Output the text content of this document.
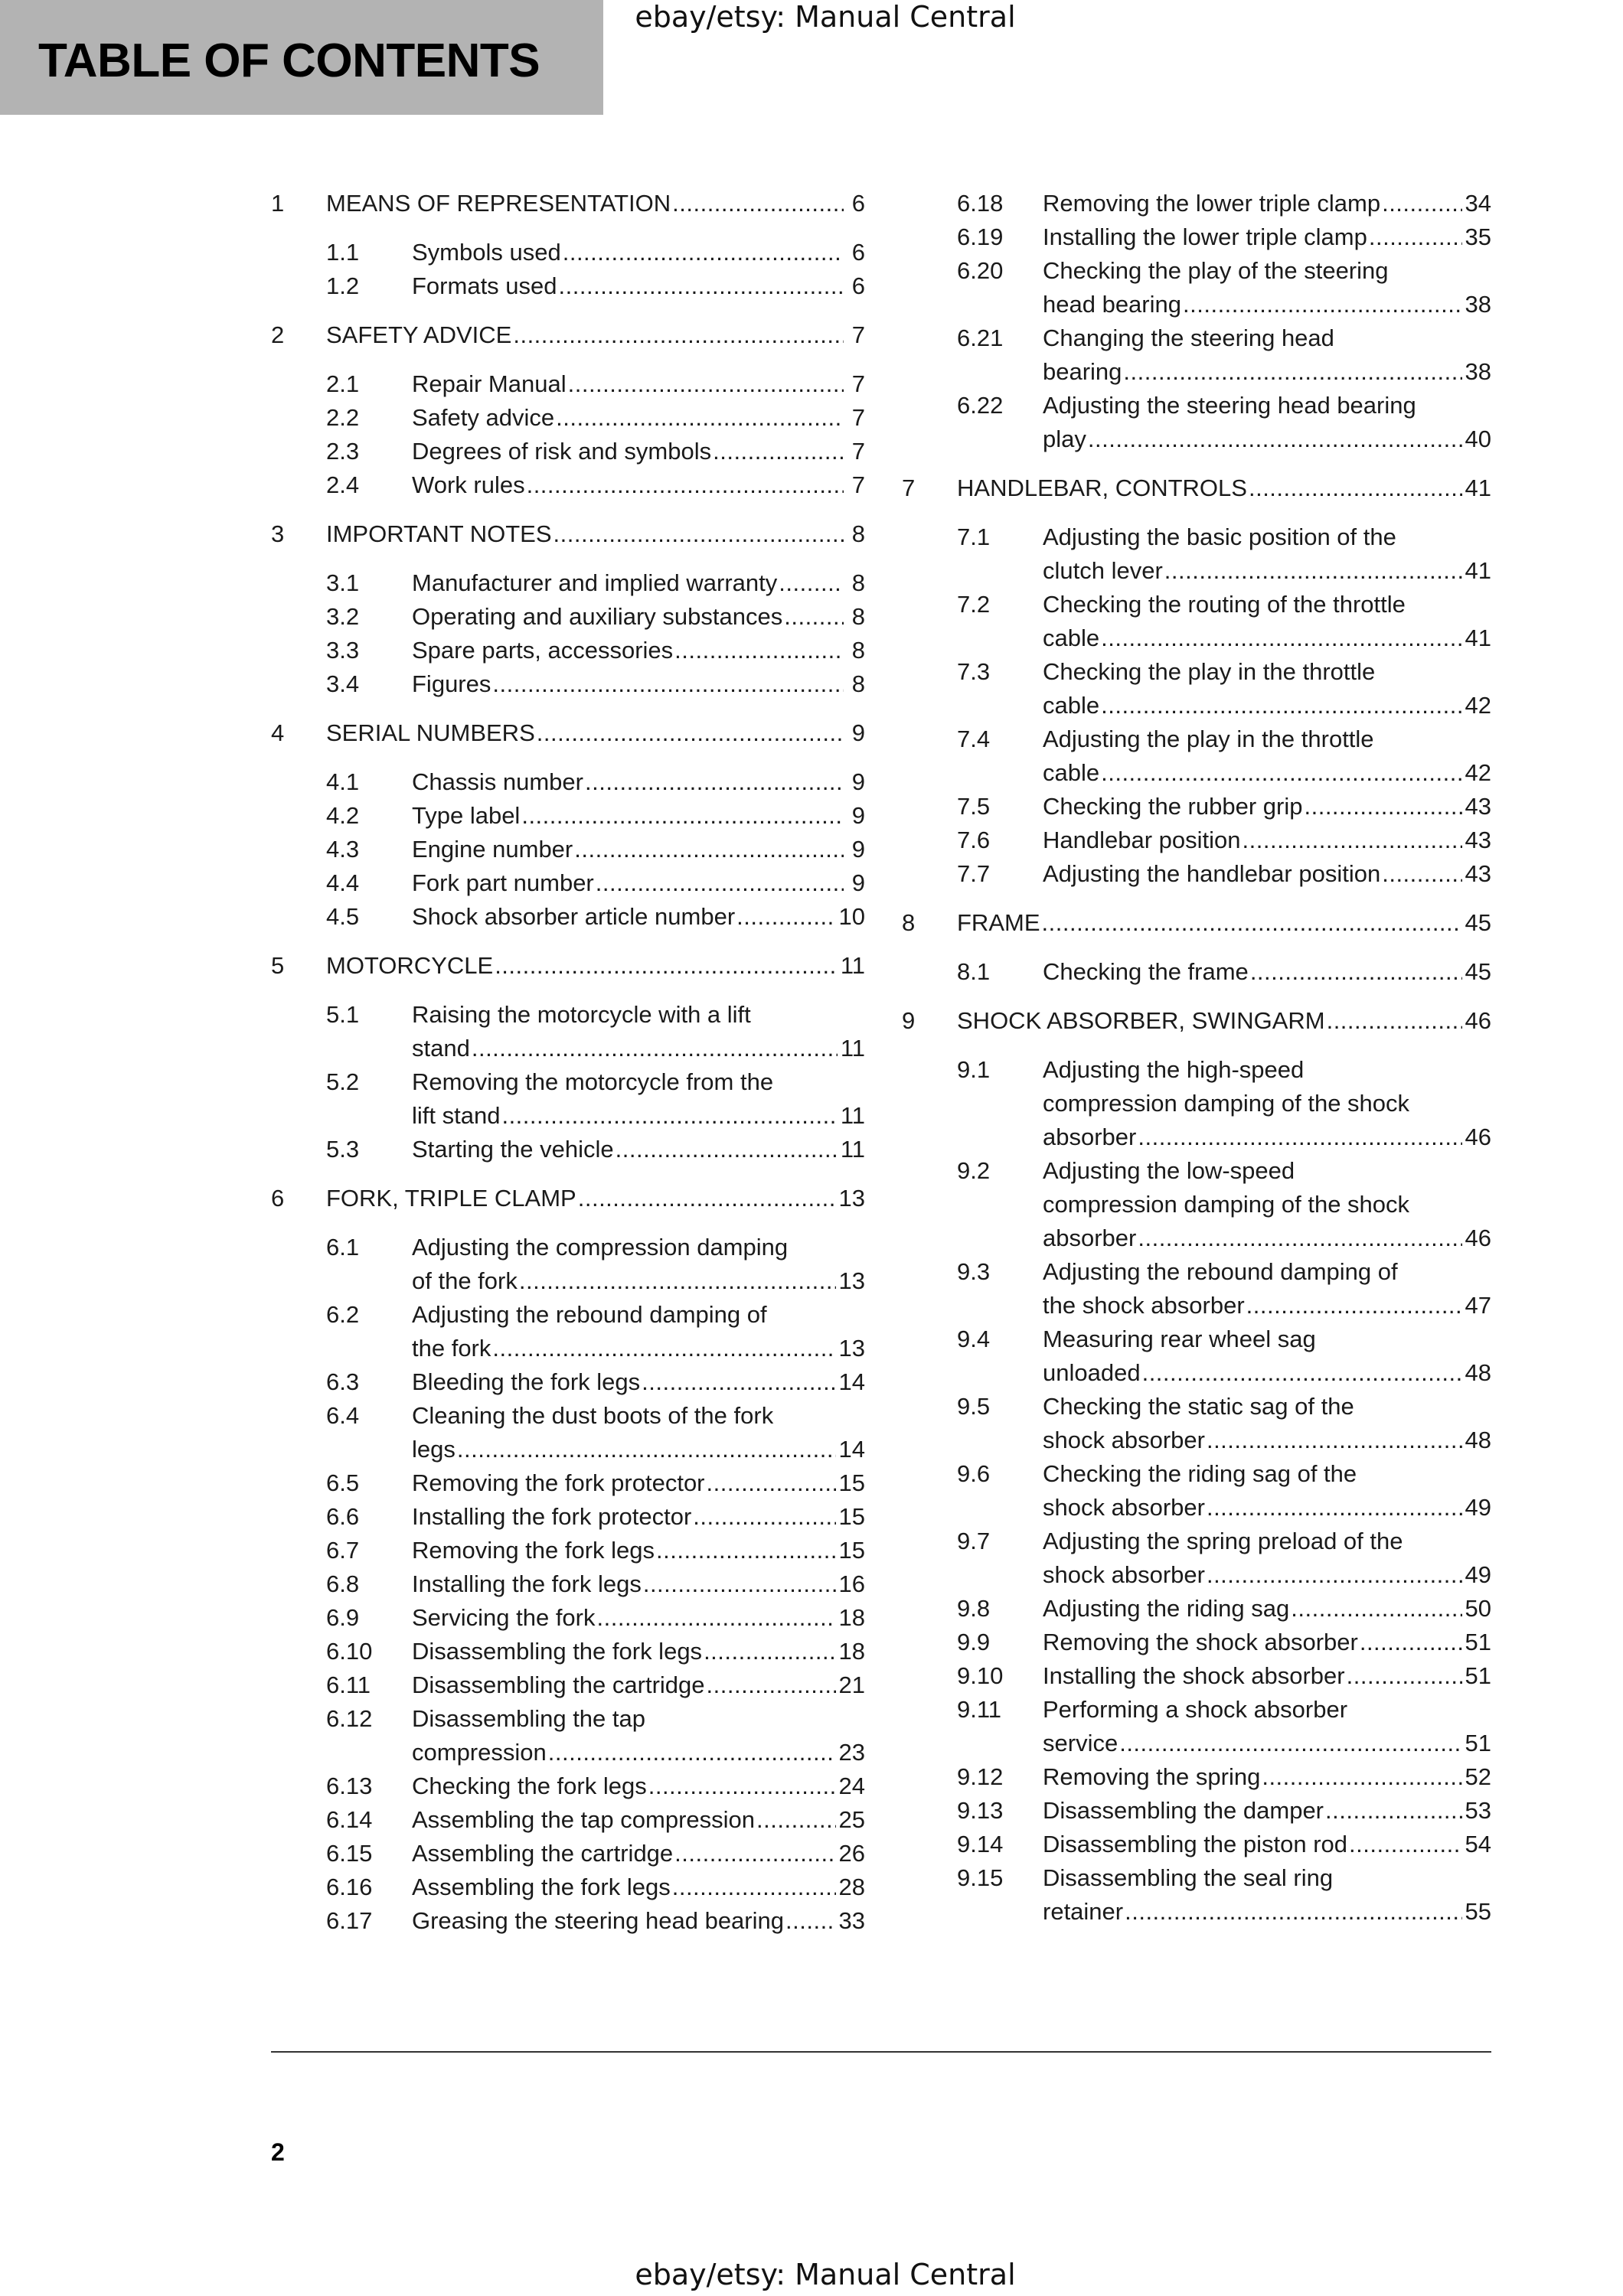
TABLE OF CONTENTS
ebay/etsy: Manual Central
1	MEANS OF REPRESENTATION .....	6
1.1	Symbols used .....	6
1.2	Formats used .....	6
2	SAFETY ADVICE .....	7
2.1	Repair Manual .....	7
2.2	Safety advice .....	7
2.3	Degrees of risk and symbols .....	7
2.4	Work rules .....	7
3	IMPORTANT NOTES .....	8
3.1	Manufacturer and implied warranty .....	8
3.2	Operating and auxiliary substances .....	8
3.3	Spare parts, accessories .....	8
3.4	Figures .....	8
4	SERIAL NUMBERS .....	9
4.1	Chassis number .....	9
4.2	Type label .....	9
4.3	Engine number .....	9
4.4	Fork part number .....	9
4.5	Shock absorber article number .....	10
5	MOTORCYCLE .....	11
5.1	Raising the motorcycle with a lift
stand .....	11
5.2	Removing the motorcycle from the
lift stand .....	11
5.3	Starting the vehicle .....	11
6	FORK, TRIPLE CLAMP .....	13
6.1	Adjusting the compression damping
of the fork .....	13
6.2	Adjusting the rebound damping of
the fork .....	13
6.3	Bleeding the fork legs .....	14
6.4	Cleaning the dust boots of the fork
legs .....	14
6.5	Removing the fork protector .....	15
6.6	Installing the fork protector .....	15
6.7	Removing the fork legs .....	15
6.8	Installing the fork legs .....	16
6.9	Servicing the fork .....	18
6.10	Disassembling the fork legs .....	18
6.11	Disassembling the cartridge .....	21
6.12	Disassembling the tap
compression .....	23
6.13	Checking the fork legs .....	24
6.14	Assembling the tap compression .....	25
6.15	Assembling the cartridge .....	26
6.16	Assembling the fork legs .....	28
6.17	Greasing the steering head bearing ..... 33
6.18	Removing the lower triple clamp .....	34
6.19	Installing the lower triple clamp .....	35
6.20	Checking the play of the steering
head bearing .....	38
6.21	Changing the steering head
bearing .....	38
6.22	Adjusting the steering head bearing
play .....	40
7	HANDLEBAR, CONTROLS .....	41
7.1	Adjusting the basic position of the
clutch lever .....	41
7.2	Checking the routing of the throttle
cable .....	41
7.3	Checking the play in the throttle
cable .....	42
7.4	Adjusting the play in the throttle
cable .....	42
7.5	Checking the rubber grip .....	43
7.6	Handlebar position .....	43
7.7	Adjusting the handlebar position .....	43
8	FRAME .....	45
8.1	Checking the frame .....	45
9	SHOCK ABSORBER, SWINGARM .....	46
9.1	Adjusting the high-speed
compression damping of the shock
absorber .....	46
9.2	Adjusting the low-speed
compression damping of the shock
absorber .....	46
9.3	Adjusting the rebound damping of
the shock absorber .....	47
9.4	Measuring rear wheel sag
unloaded .....	48
9.5	Checking the static sag of the
shock absorber .....	48
9.6	Checking the riding sag of the
shock absorber .....	49
9.7	Adjusting the spring preload of the
shock absorber .....	49
9.8	Adjusting the riding sag .....	50
9.9	Removing the shock absorber .....	51
9.10	Installing the shock absorber .....	51
9.11	Performing a shock absorber
service .....	51
9.12	Removing the spring .....	52
9.13	Disassembling the damper .....	53
9.14	Disassembling the piston rod .....	54
9.15	Disassembling the seal ring
retainer .....	55
2
ebay/etsy: Manual Central
